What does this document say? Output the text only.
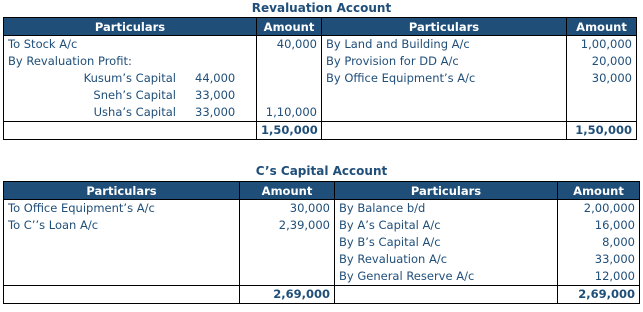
Revaluation Account
Particulars	Amount	Particulars	Amount
To Stock A/c	40,000	By Land and Building A/c	1,00,000
By Revaluation Profit:		By Provision for DD A/c	20,000
Kusum’s Capital 44,000		By Office Equipment’s A/c	30,000
Sneh’s Capital 33,000			
Usha’s Capital 33,000	1,10,000		
	1,50,000		1,50,000
C’s Capital Account
Particulars	Amount	Particulars	Amount
To Office Equipment’s A/c	30,000	By Balance b/d	2,00,000
To C’’s Loan A/c	2,39,000	By A’s Capital A/c	16,000
		By B’s Capital A/c	8,000
		By Revaluation A/c	33,000
		By General Reserve A/c	12,000
	2,69,000		2,69,000
